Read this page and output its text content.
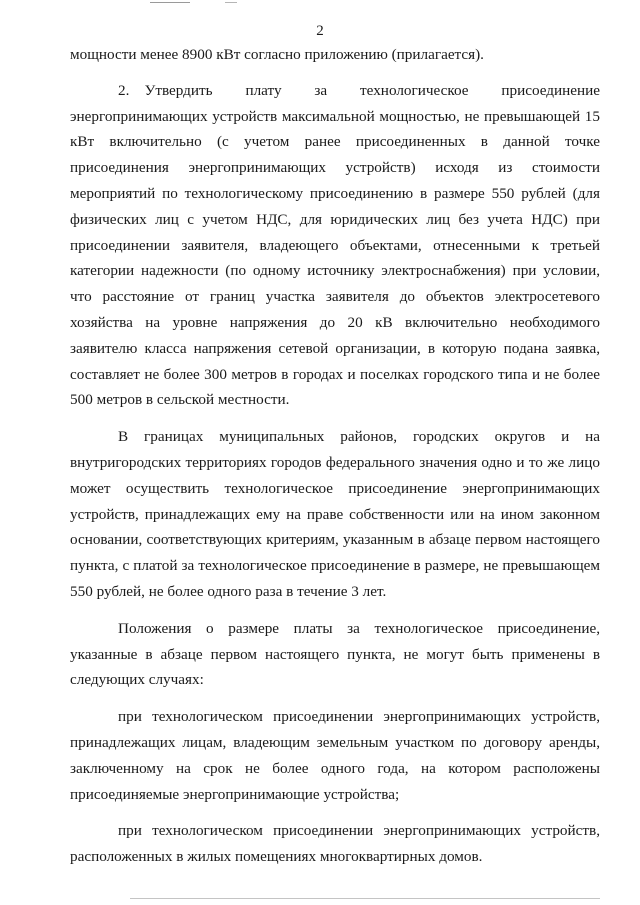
2

мощности менее 8900 кВт согласно приложению (прилагается).

2. Утвердить плату за технологическое присоединение энергопринимающих устройств максимальной мощностью, не превышающей 15 кВт включительно (с учетом ранее присоединенных в данной точке присоединения энергопринимающих устройств) исходя из стоимости мероприятий по технологическому присоединению в размере 550 рублей (для физических лиц с учетом НДС, для юридических лиц без учета НДС) при присоединении заявителя, владеющего объектами, отнесенными к третьей категории надежности (по одному источнику электроснабжения) при условии, что расстояние от границ участка заявителя до объектов электросетевого хозяйства на уровне напряжения до 20 кВ включительно необходимого заявителю класса напряжения сетевой организации, в которую подана заявка, составляет не более 300 метров в городах и поселках городского типа и не более 500 метров в сельской местности.

В границах муниципальных районов, городских округов и на внутригородских территориях городов федерального значения одно и то же лицо может осуществить технологическое присоединение энергопринимающих устройств, принадлежащих ему на праве собственности или на ином законном основании, соответствующих критериям, указанным в абзаце первом настоящего пункта, с платой за технологическое присоединение в размере, не превышающем 550 рублей, не более одного раза в течение 3 лет.

Положения о размере платы за технологическое присоединение, указанные в абзаце первом настоящего пункта, не могут быть применены в следующих случаях:

при технологическом присоединении энергопринимающих устройств, принадлежащих лицам, владеющим земельным участком по договору аренды, заключенному на срок не более одного года, на котором расположены присоединяемые энергопринимающие устройства;

при технологическом присоединении энергопринимающих устройств, расположенных в жилых помещениях многоквартирных домов.
